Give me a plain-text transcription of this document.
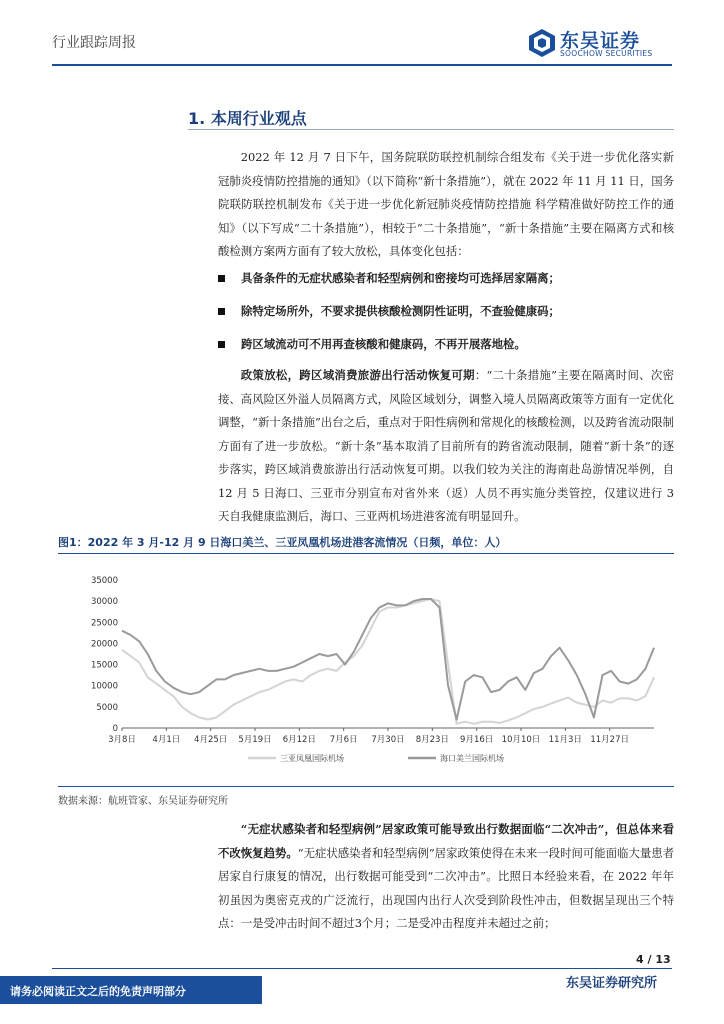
行业跟踪周报	东吴证券
SOOCHOW SECURITIES
1. 本周行业观点
2022 年 12 月 7 日下午，国务院联防联控机制综合组发布《关于进一步优化落实新冠肺炎疫情防控措施的通知》（以下简称“新十条措施”），就在 2022 年 11 月 11 日，国务院联防联控机制发布《关于进一步优化新冠肺炎疫情防控措施 科学精准做好防控工作的通知》（以下写成“二十条措施”），相较于“二十条措施”，“新十条措施”主要在隔离方式和核酸检测方案两方面有了较大放松，具体变化包括：
具备条件的无症状感染者和轻型病例和密接均可选择居家隔离；
除特定场所外，不要求提供核酸检测阴性证明，不查验健康码；
跨区域流动可不用再查核酸和健康码，不再开展落地检。
政策放松，跨区域消费旅游出行活动恢复可期：“二十条措施”主要在隔离时间、次密接、高风险区外溢人员隔离方式，风险区域划分，调整入境人员隔离政策等方面有一定优化调整，“新十条措施”出台之后，重点对于阳性病例和常规化的核酸检测，以及跨省流动限制方面有了进一步放松。“新十条”基本取消了目前所有的跨省流动限制，随着“新十条”的逐步落实，跨区域消费旅游出行活动恢复可期。以我们较为关注的海南赴岛游情况举例，自 12 月 5 日海口、三亚市分别宣布对省外来（返）人员不再实施分类管控，仅建议进行 3 天自我健康监测后，海口、三亚两机场进港客流有明显回升。
图1：2022 年 3 月-12 月 9 日海口美兰、三亚凤凰机场进港客流情况（日频，单位：人）
0
5000
10000
15000
20000
25000
30000
35000
3月8日 4月1日 4月25日 5月19日 6月12日 7月6日 7月30日 8月23日 9月16日 10月10日 11月3日 11月27日
三亚凤凰国际机场	海口美兰国际机场
数据来源：航班管家、东吴证券研究所
“无症状感染者和轻型病例”居家政策可能导致出行数据面临“二次冲击”，但总体来看不改恢复趋势。“无症状感染者和轻型病例”居家政策使得在未来一段时间可能面临大量患者居家自行康复的情况，出行数据可能受到“二次冲击”。比照日本经验来看，在 2022 年年初虽因为奥密克戎的广泛流行，出现国内出行人次受到阶段性冲击，但数据呈现出三个特点：一是受冲击时间不超过3个月；二是受冲击程度并未超过之前；
4 / 13
东吴证券研究所
请务必阅读正文之后的免责声明部分
